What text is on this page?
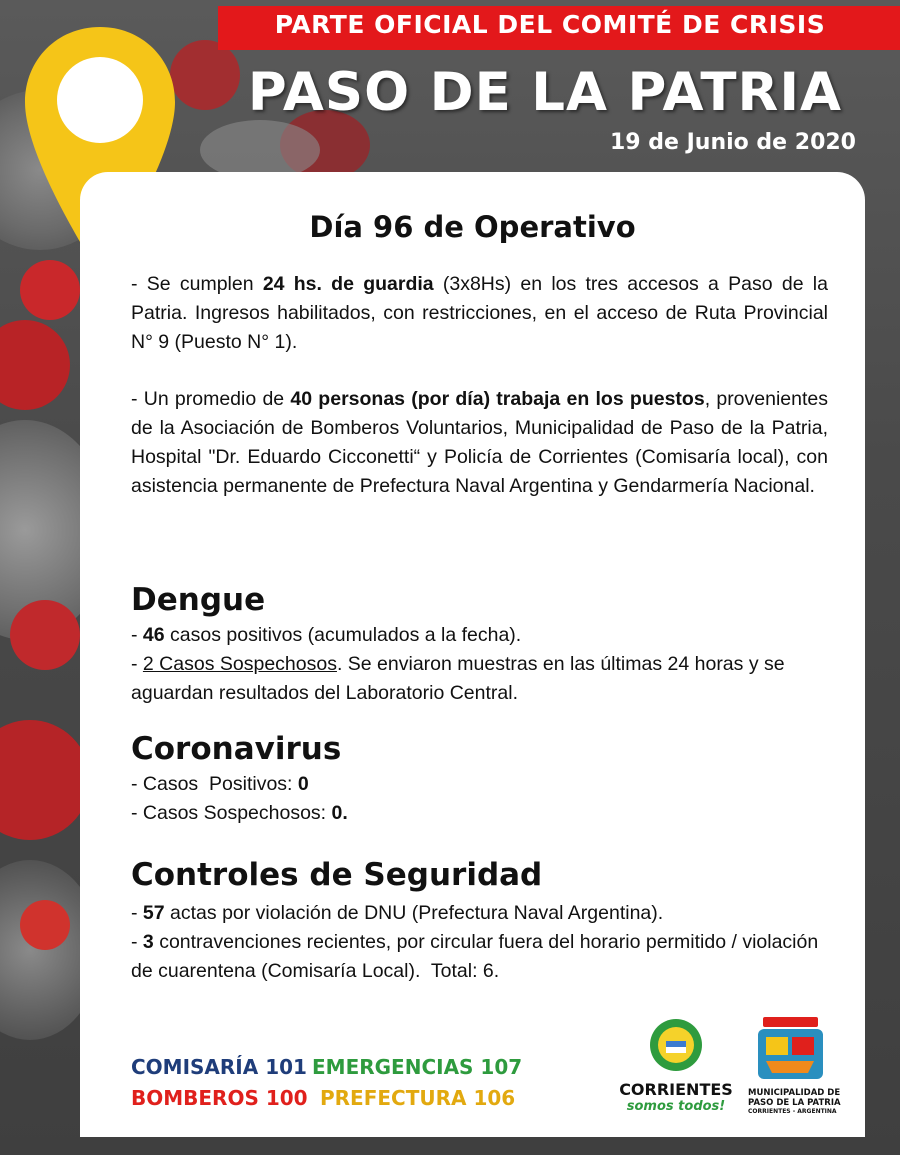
PARTE OFICIAL DEL COMITÉ DE CRISIS
PASO DE LA PATRIA
19 de Junio de 2020
Día 96 de Operativo
- Se cumplen 24 hs. de guardia (3x8Hs) en los tres accesos a Paso de la Patria. Ingresos habilitados, con restricciones, en el acceso de Ruta Provincial N° 9 (Puesto N° 1).
- Un promedio de 40 personas (por día) trabaja en los puestos, provenientes de la Asociación de Bomberos Voluntarios, Municipalidad de Paso de la Patria, Hospital "Dr. Eduardo Cicconetti“ y Policía de Corrientes (Comisaría local), con asistencia permanente de Prefectura Naval Argentina y Gendarmería Nacional.
Dengue
- 46 casos positivos (acumulados a la fecha).
- 2 Casos Sospechosos. Se enviaron muestras en las últimas 24 horas y se aguardan resultados del Laboratorio Central.
Coronavirus
- Casos  Positivos: 0
- Casos Sospechosos: 0.
Controles de Seguridad
- 57 actas por violación de DNU (Prefectura Naval Argentina).
- 3 contravenciones recientes, por circular fuera del horario permitido / violación de cuarentena (Comisaría Local).  Total: 6.
COMISARÍA 101 EMERGENCIAS 107
BOMBEROS 100 PREFECTURA 106	CORRIENTES
somos todos!
MUNICIPALIDAD DE
PASO DE LA PATRIA
CORRIENTES - ARGENTINA
